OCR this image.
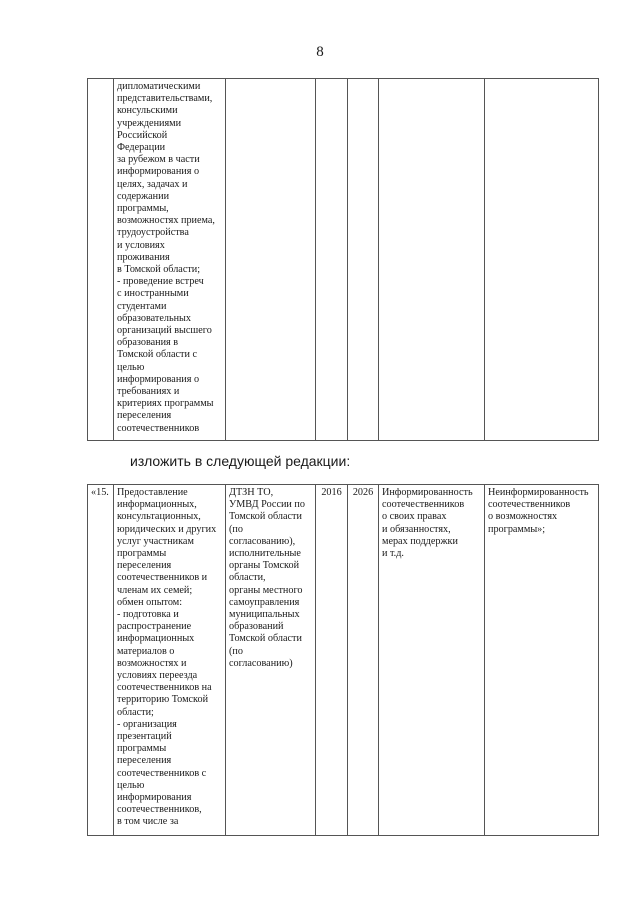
8
	дипломатическими
представительствами,
консульскими
учреждениями
Российской
Федерации
за рубежом в части
информирования о
целях, задачах и
содержании
программы,
возможностях приема,
трудоустройства
и условиях
проживания
в Томской области;
- проведение встреч
с иностранными
студентами
образовательных
организаций высшего
образования в
Томской области с
целью
информирования о
требованиях и
критериях программы
переселения
соотечественников					
изложить в следующей редакции:
«15.	Предоставление
информационных,
консультационных,
юридических и других
услуг участникам
программы
переселения
соотечественников и
членам их семей;
обмен опытом:
- подготовка и
распространение
информационных
материалов о
возможностях и
условиях переезда
соотечественников на
территорию Томской
области;
- организация
презентаций
программы
переселения
соотечественников с
целью
информирования
соотечественников,
в том числе за	ДТЗН ТО,
УМВД России по
Томской области
(по
согласованию),
исполнительные
органы Томской
области,
органы местного
самоуправления
муниципальных
образований
Томской области
(по
согласованию)	2016	2026	Информированность
соотечественников
о своих правах
и обязанностях,
мерах поддержки
и т.д.	Неинформированность
соотечественников
о возможностях
программы»;
